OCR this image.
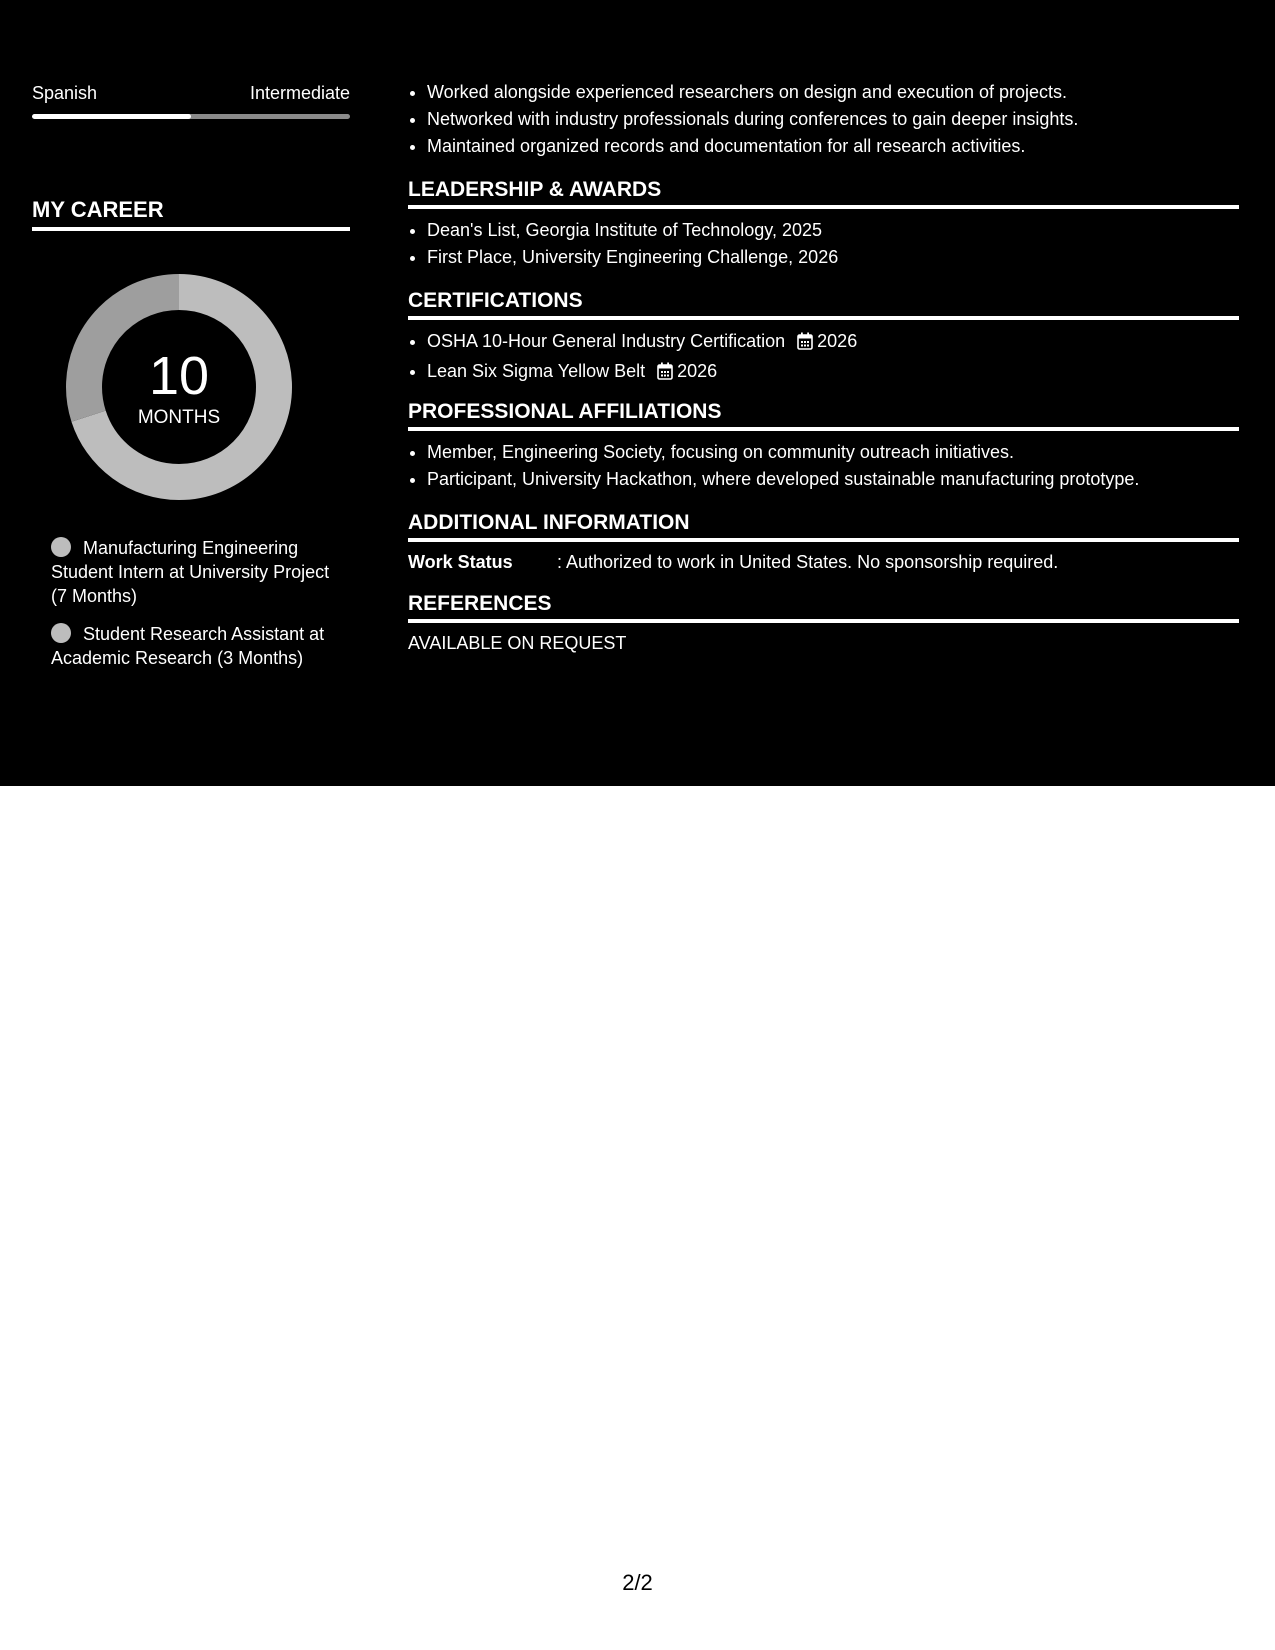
Spanish	Intermediate
MY CAREER
10
MONTHS
Manufacturing Engineering Student Intern at University Project (7 Months)
Student Research Assistant at Academic Research (3 Months)
• Worked alongside experienced researchers on design and execution of projects.
• Networked with industry professionals during conferences to gain deeper insights.
• Maintained organized records and documentation for all research activities.
LEADERSHIP & AWARDS
• Dean's List, Georgia Institute of Technology, 2025
• First Place, University Engineering Challenge, 2026
CERTIFICATIONS
• OSHA 10-Hour General Industry Certification 2026
• Lean Six Sigma Yellow Belt 2026
PROFESSIONAL AFFILIATIONS
• Member, Engineering Society, focusing on community outreach initiatives.
• Participant, University Hackathon, where developed sustainable manufacturing prototype.
ADDITIONAL INFORMATION
Work Status	: Authorized to work in United States. No sponsorship required.
REFERENCES
AVAILABLE ON REQUEST
2/2
